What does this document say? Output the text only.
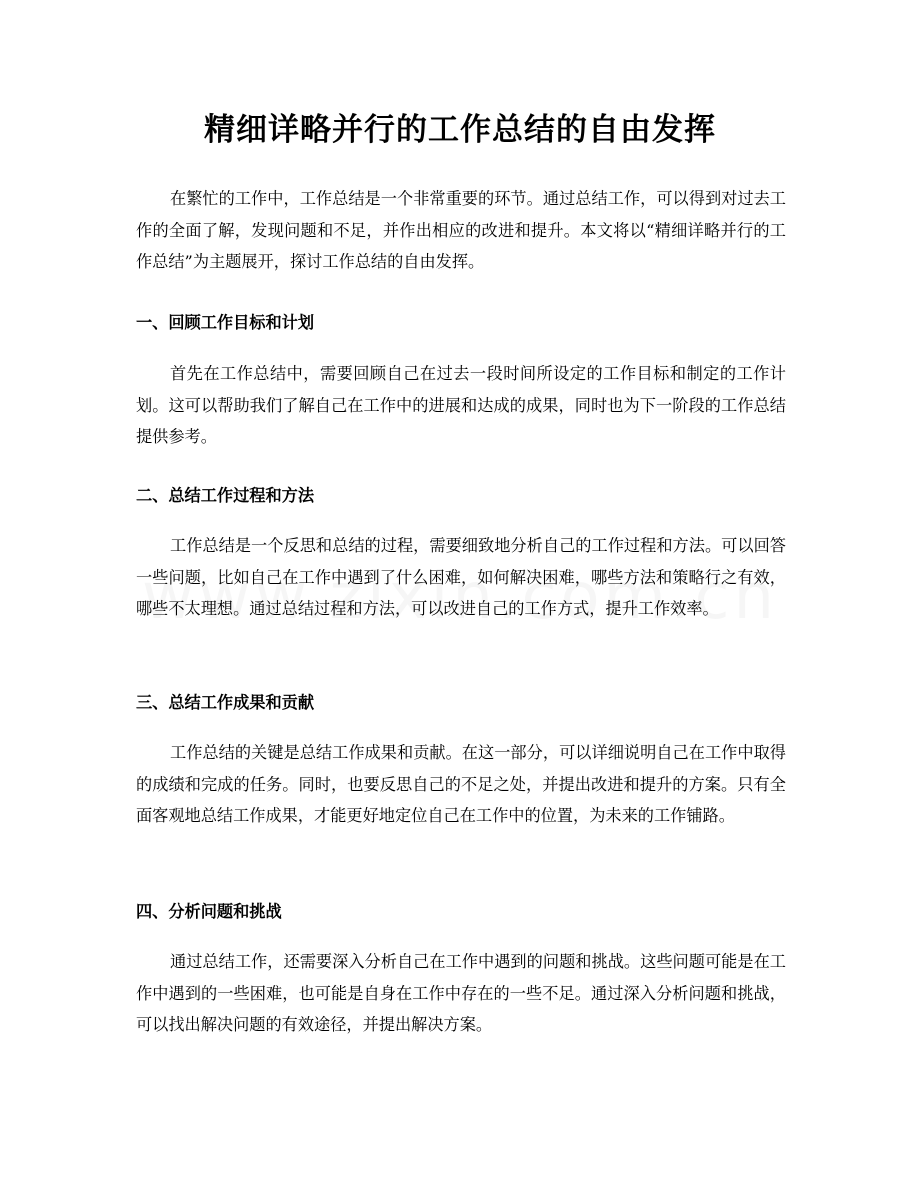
精细详略并行的工作总结的自由发挥

在繁忙的工作中，工作总结是一个非常重要的环节。通过总结工作，可以得到对过去工作的全面了解，发现问题和不足，并作出相应的改进和提升。本文将以“精细详略并行的工作总结”为主题展开，探讨工作总结的自由发挥。

一、回顾工作目标和计划

首先在工作总结中，需要回顾自己在过去一段时间所设定的工作目标和制定的工作计划。这可以帮助我们了解自己在工作中的进展和达成的成果，同时也为下一阶段的工作总结提供参考。

二、总结工作过程和方法

工作总结是一个反思和总结的过程，需要细致地分析自己的工作过程和方法。可以回答一些问题，比如自己在工作中遇到了什么困难，如何解决困难，哪些方法和策略行之有效，哪些不太理想。通过总结过程和方法，可以改进自己的工作方式，提升工作效率。

三、总结工作成果和贡献

工作总结的关键是总结工作成果和贡献。在这一部分，可以详细说明自己在工作中取得的成绩和完成的任务。同时，也要反思自己的不足之处，并提出改进和提升的方案。只有全面客观地总结工作成果，才能更好地定位自己在工作中的位置，为未来的工作铺路。

四、分析问题和挑战

通过总结工作，还需要深入分析自己在工作中遇到的问题和挑战。这些问题可能是在工作中遇到的一些困难，也可能是自身在工作中存在的一些不足。通过深入分析问题和挑战，可以找出解决问题的有效途径，并提出解决方案。
